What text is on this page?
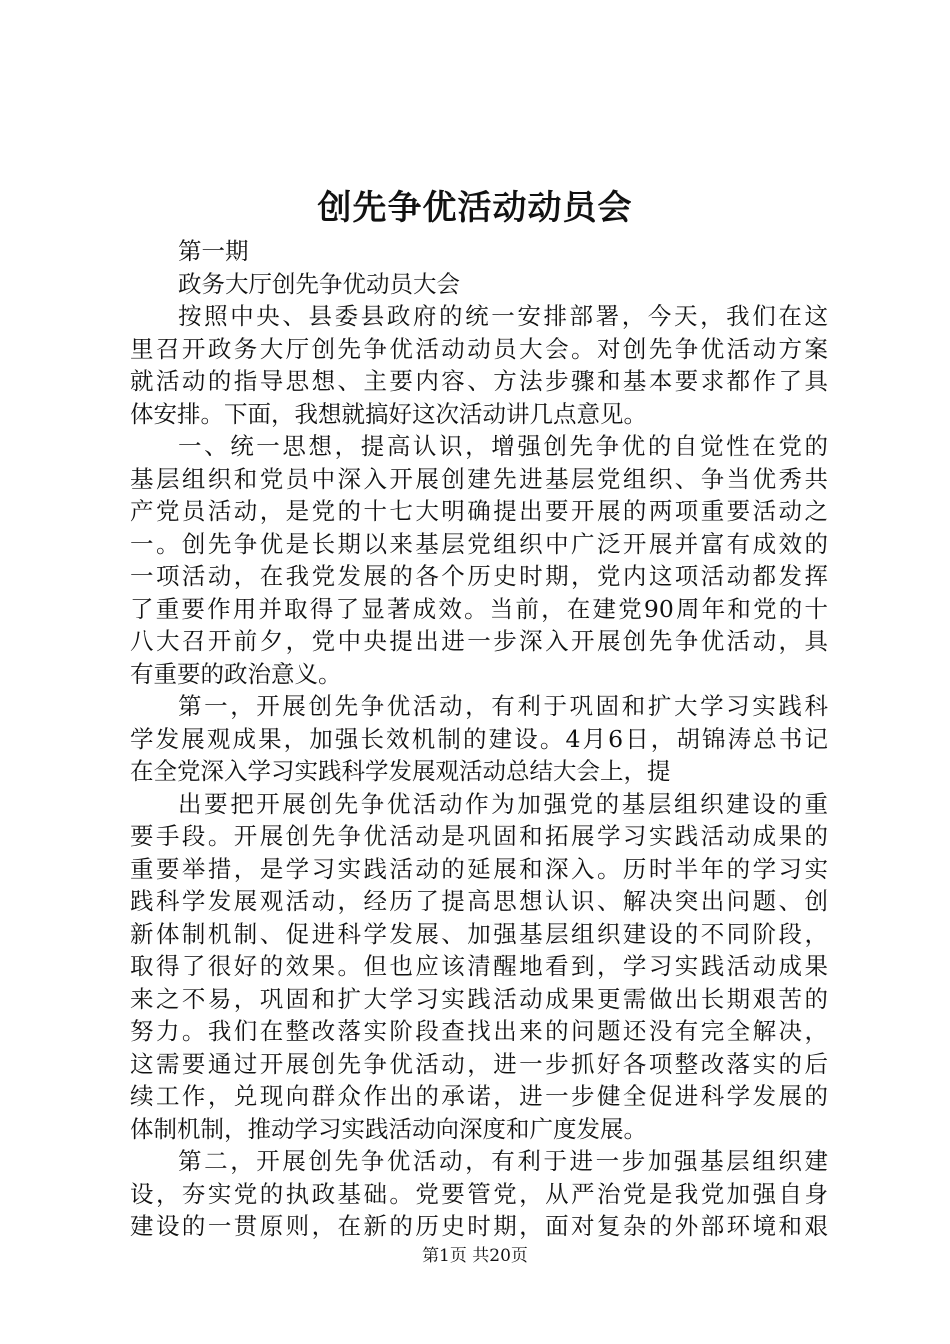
创先争优活动动员会
第一期
政务大厅创先争优动员大会
按照中央、县委县政府的统一安排部署，今天，我们在这
里召开政务大厅创先争优活动动员大会。对创先争优活动方案
就活动的指导思想、主要内容、方法步骤和基本要求都作了具
体安排。下面，我想就搞好这次活动讲几点意见。
一、统一思想，提高认识，增强创先争优的自觉性在党的
基层组织和党员中深入开展创建先进基层党组织、争当优秀共
产党员活动，是党的十七大明确提出要开展的两项重要活动之
一。创先争优是长期以来基层党组织中广泛开展并富有成效的
一项活动，在我党发展的各个历史时期，党内这项活动都发挥
了重要作用并取得了显著成效。当前，在建党90周年和党的十
八大召开前夕，党中央提出进一步深入开展创先争优活动，具
有重要的政治意义。
第一，开展创先争优活动，有利于巩固和扩大学习实践科
学发展观成果，加强长效机制的建设。4月6日，胡锦涛总书记
在全党深入学习实践科学发展观活动总结大会上，提
出要把开展创先争优活动作为加强党的基层组织建设的重
要手段。开展创先争优活动是巩固和拓展学习实践活动成果的
重要举措，是学习实践活动的延展和深入。历时半年的学习实
践科学发展观活动，经历了提高思想认识、解决突出问题、创
新体制机制、促进科学发展、加强基层组织建设的不同阶段，
取得了很好的效果。但也应该清醒地看到，学习实践活动成果
来之不易，巩固和扩大学习实践活动成果更需做出长期艰苦的
努力。我们在整改落实阶段查找出来的问题还没有完全解决，
这需要通过开展创先争优活动，进一步抓好各项整改落实的后
续工作，兑现向群众作出的承诺，进一步健全促进科学发展的
体制机制，推动学习实践活动向深度和广度发展。
第二，开展创先争优活动，有利于进一步加强基层组织建
设，夯实党的执政基础。党要管党，从严治党是我党加强自身
建设的一贯原则，在新的历史时期，面对复杂的外部环境和艰
第1页 共20页
